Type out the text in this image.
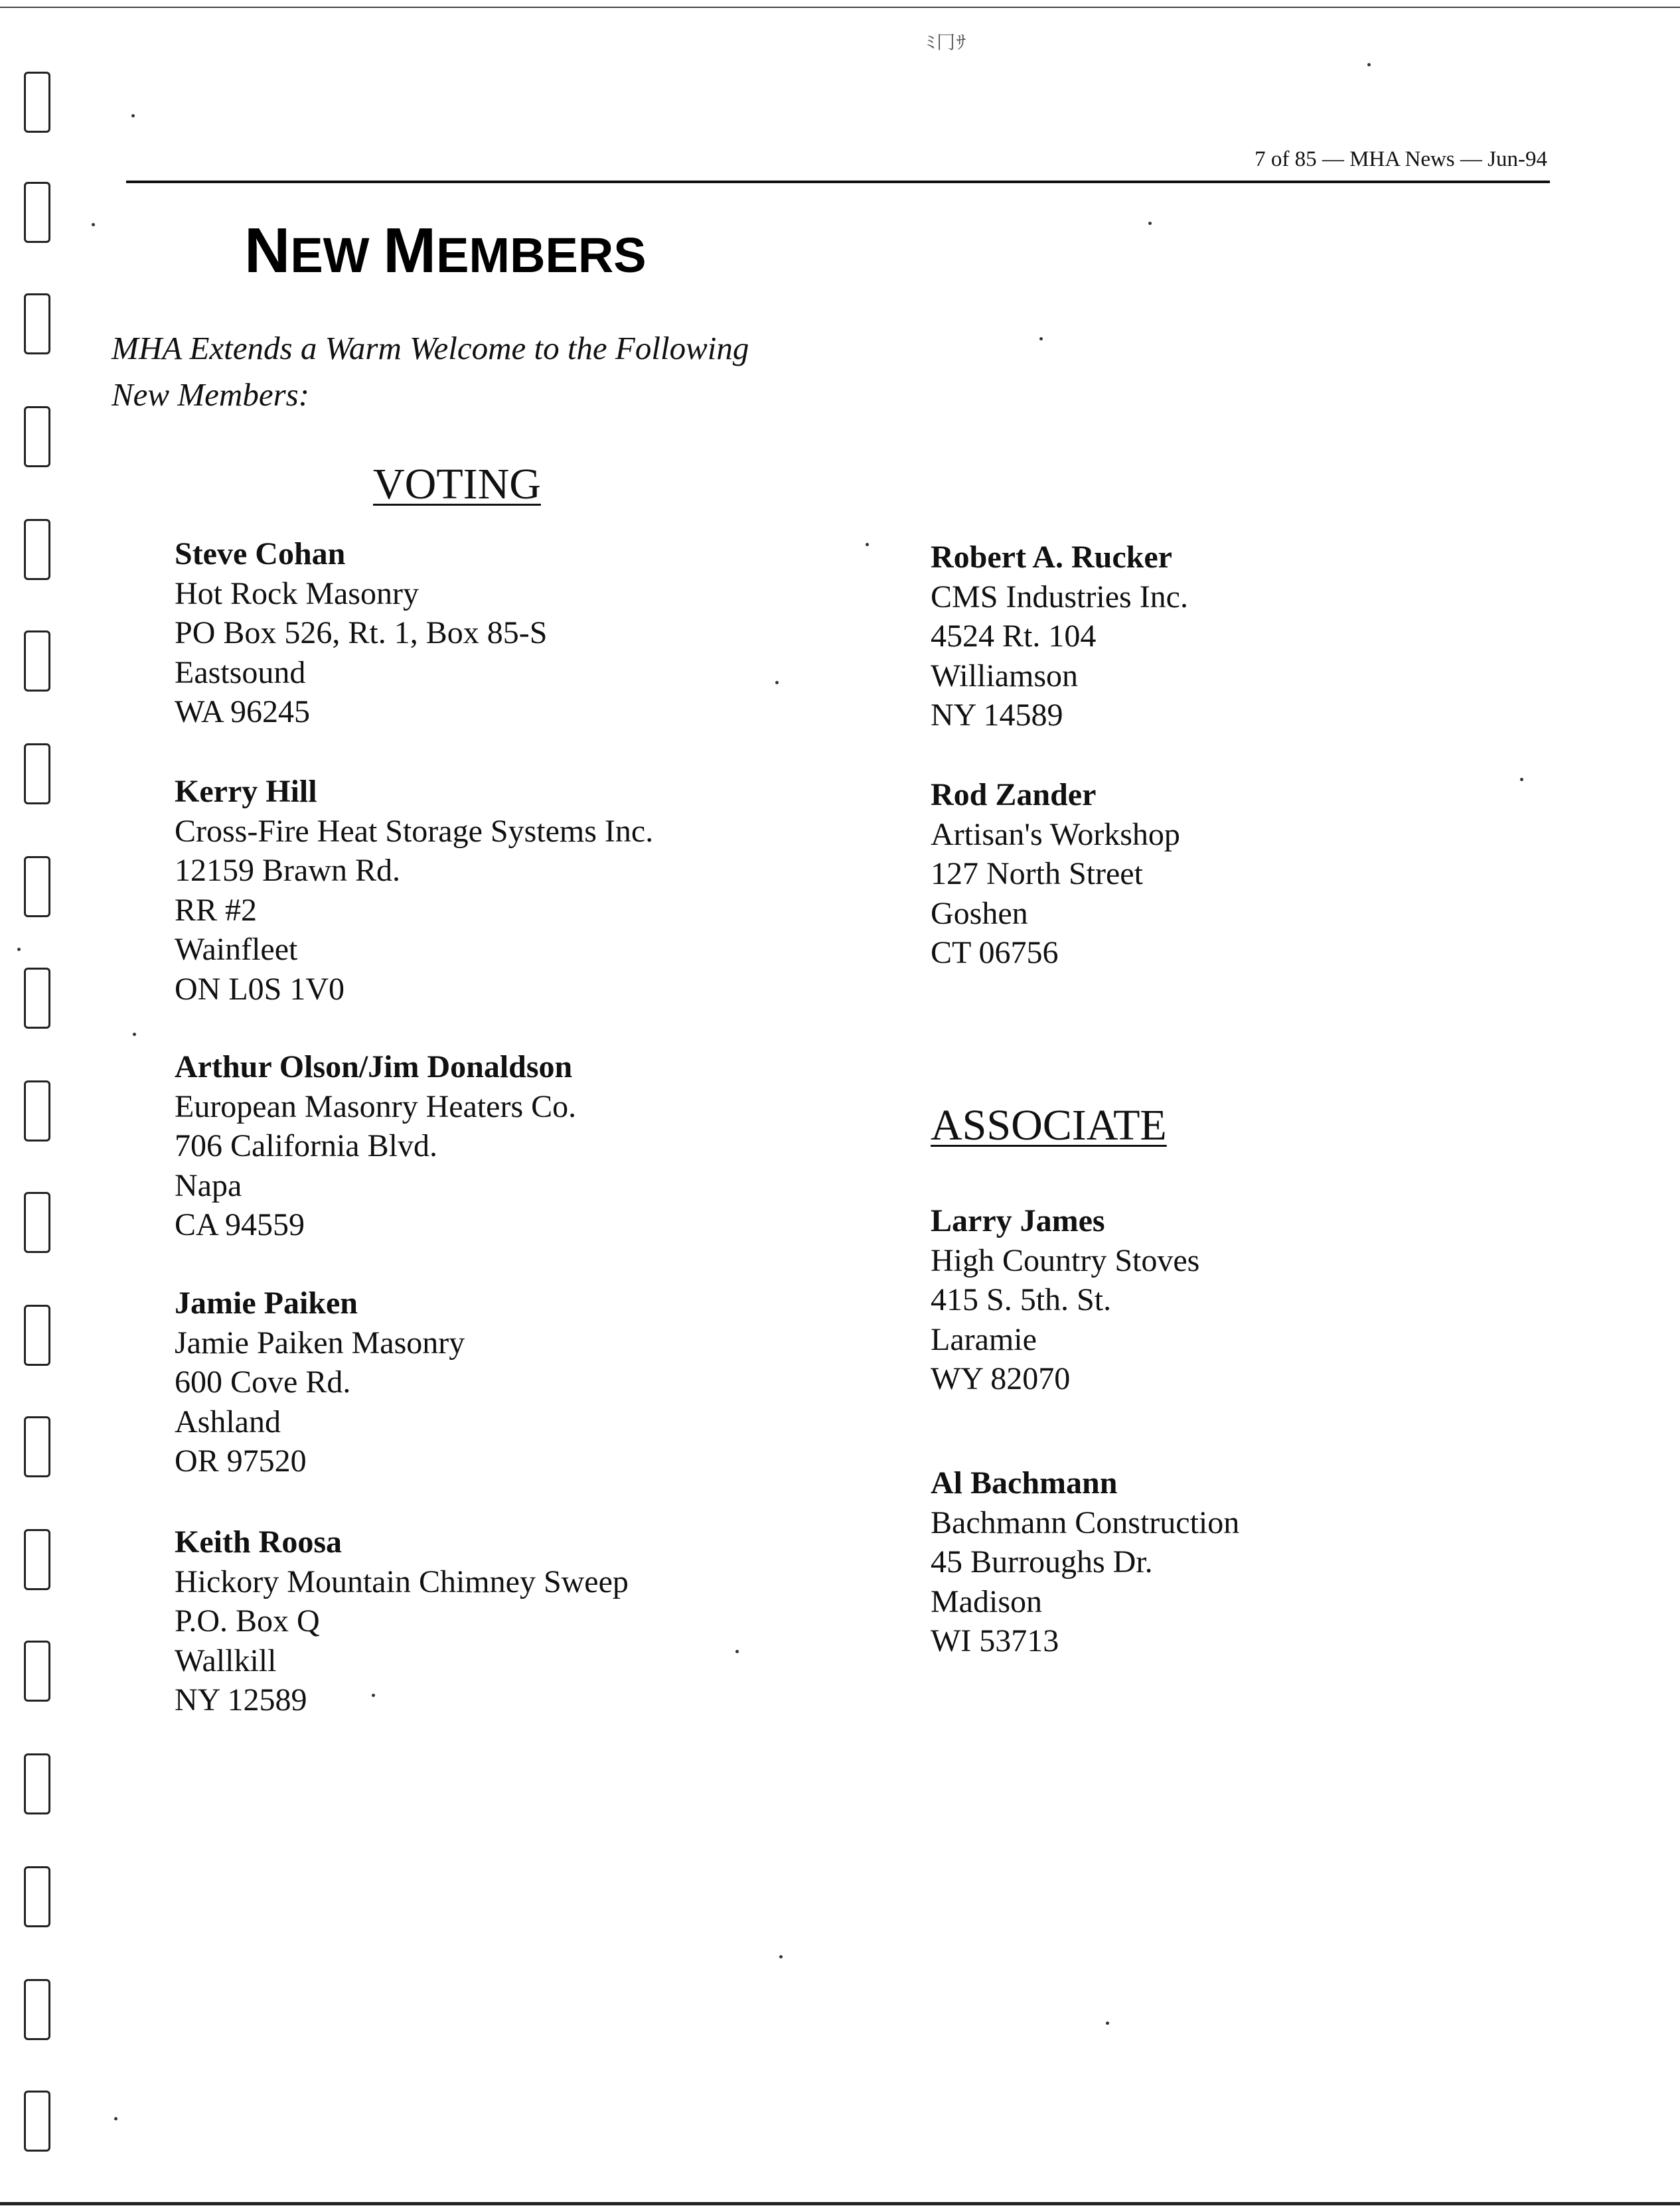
ﾐ冂ｻ
7 of 85 — MHA News — Jun-94
NEW MEMBERS
MHA Extends a Warm Welcome to the Following
New Members:
VOTING
Steve Cohan
Hot Rock Masonry
PO Box 526, Rt. 1, Box 85-S
Eastsound
WA 96245
Kerry Hill
Cross-Fire Heat Storage Systems Inc.
12159 Brawn Rd.
RR #2
Wainfleet
ON L0S 1V0
Arthur Olson/Jim Donaldson
European Masonry Heaters Co.
706 California Blvd.
Napa
CA 94559
Jamie Paiken
Jamie Paiken Masonry
600 Cove Rd.
Ashland
OR 97520
Keith Roosa
Hickory Mountain Chimney Sweep
P.O. Box Q
Wallkill
NY 12589
Robert A. Rucker
CMS Industries Inc.
4524 Rt. 104
Williamson
NY 14589
Rod Zander
Artisan's Workshop
127 North Street
Goshen
CT 06756
ASSOCIATE
Larry James
High Country Stoves
415 S. 5th. St.
Laramie
WY 82070
Al Bachmann
Bachmann Construction
45 Burroughs Dr.
Madison
WI 53713
